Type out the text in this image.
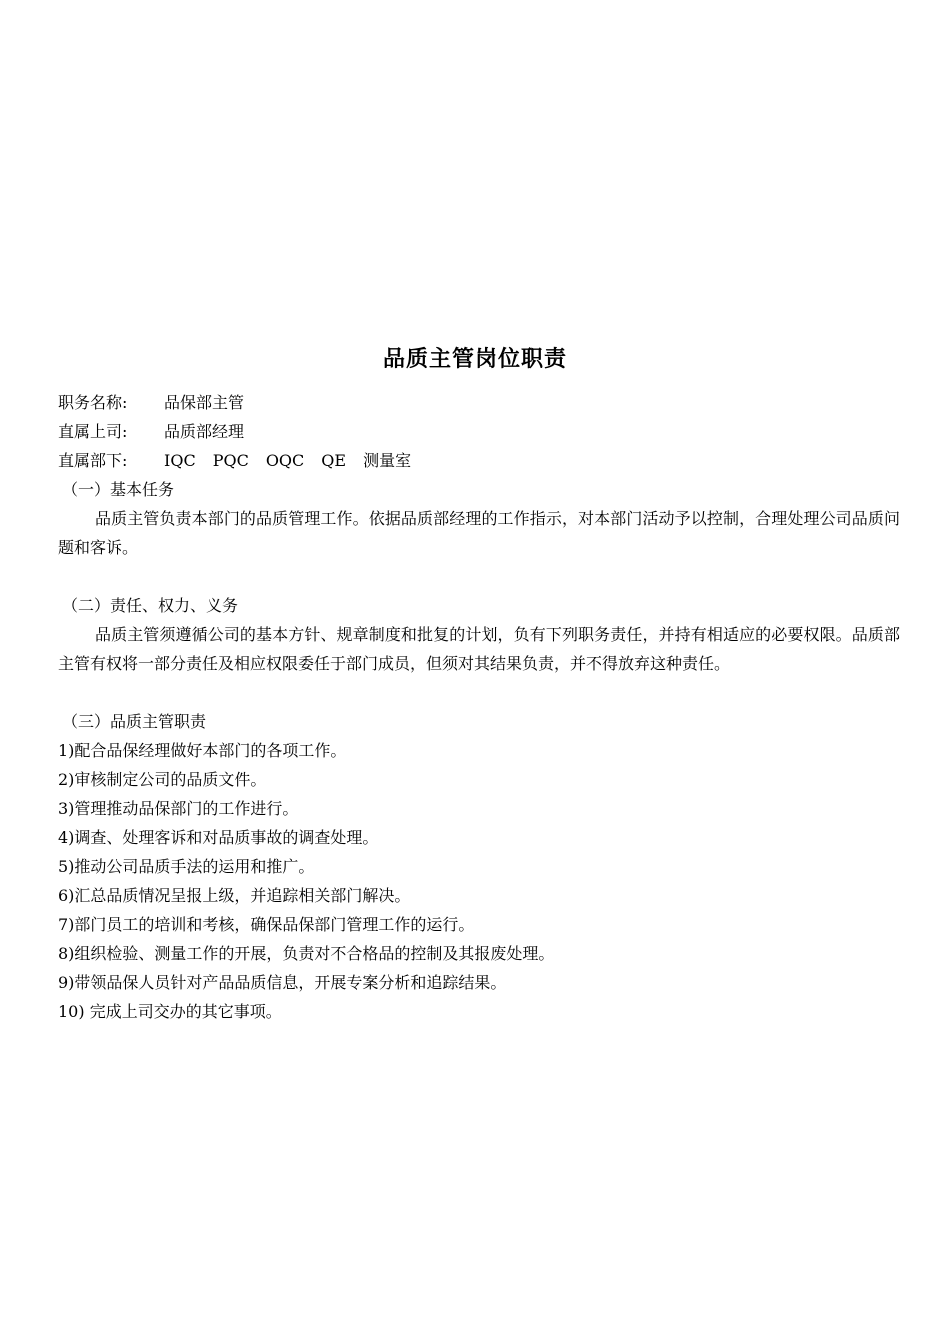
品质主管岗位职责
职务名称: 品保部主管
直属上司: 品质部经理
直属部下: IQC PQC OQC QE 测量室
（一）基本任务

品质主管负责本部门的品质管理工作。依据品质部经理的工作指示，对本部门活动予以控制，合理处理公司品质问题和客诉。

（二）责任、权力、义务

品质主管须遵循公司的基本方针、规章制度和批复的计划，负有下列职务责任，并持有相适应的必要权限。品质部主管有权将一部分责任及相应权限委任于部门成员，但须对其结果负责，并不得放弃这种责任。

（三）品质主管职责
1)配合品保经理做好本部门的各项工作。
2)审核制定公司的品质文件。
3)管理推动品保部门的工作进行。
4)调查、处理客诉和对品质事故的调查处理。
5)推动公司品质手法的运用和推广。
6)汇总品质情况呈报上级，并追踪相关部门解决。
7)部门员工的培训和考核，确保品保部门管理工作的运行。
8)组织检验、测量工作的开展，负责对不合格品的控制及其报废处理。
9)带领品保人员针对产品品质信息，开展专案分析和追踪结果。
10) 完成上司交办的其它事项。
